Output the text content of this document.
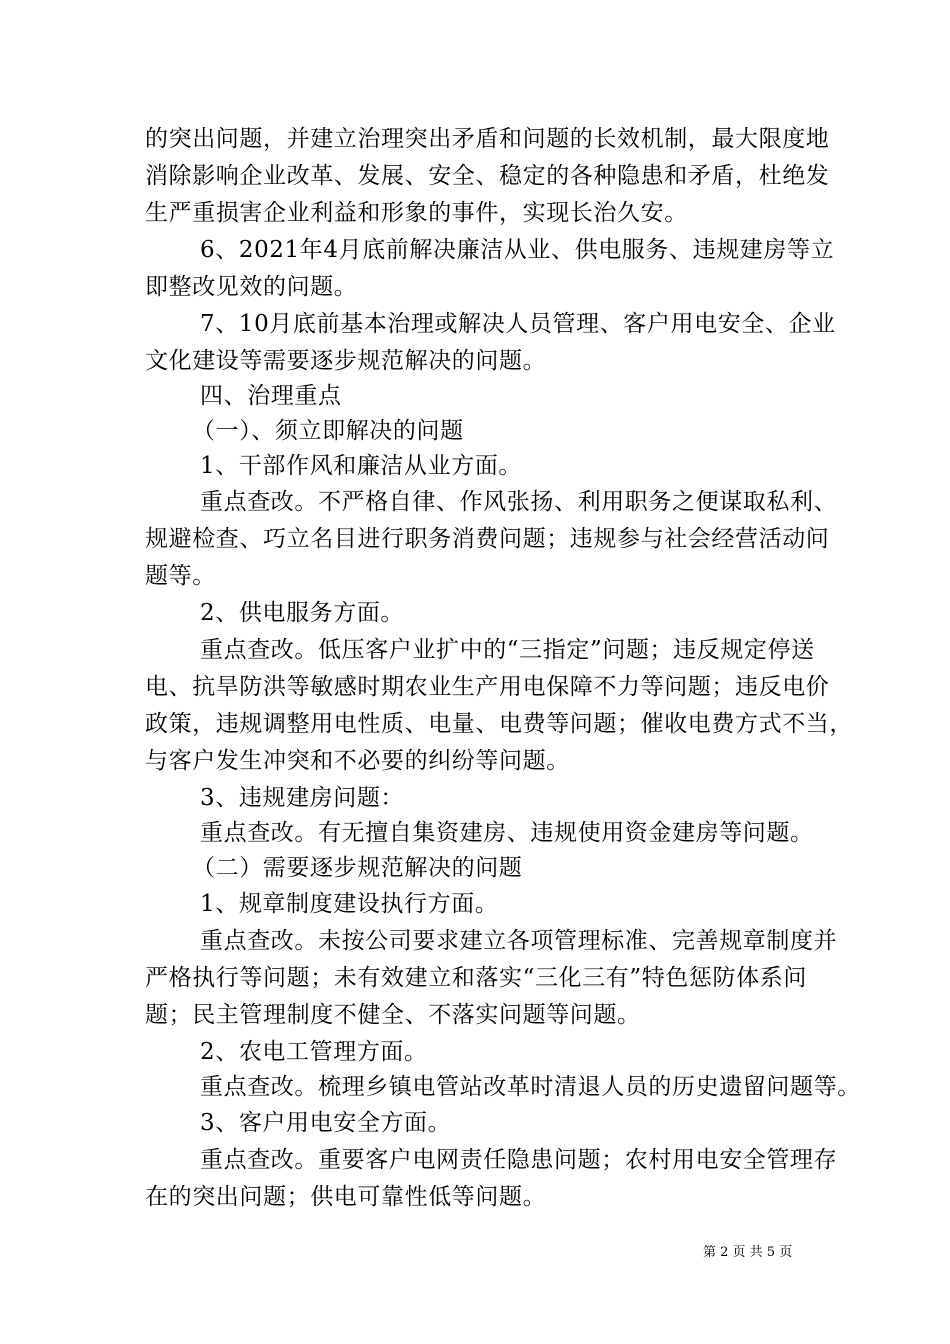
的突出问题，并建立治理突出矛盾和问题的长效机制，最大限度地
消除影响企业改革、发展、安全、稳定的各种隐患和矛盾，杜绝发
生严重损害企业利益和形象的事件，实现长治久安。
6、2021年4月底前解决廉洁从业、供电服务、违规建房等立
即整改见效的问题。
7、10月底前基本治理或解决人员管理、客户用电安全、企业
文化建设等需要逐步规范解决的问题。
四、治理重点
（一）、须立即解决的问题
1、干部作风和廉洁从业方面。
重点查改。不严格自律、作风张扬、利用职务之便谋取私利、
规避检查、巧立名目进行职务消费问题；违规参与社会经营活动问
题等。
2、供电服务方面。
重点查改。低压客户业扩中的“三指定”问题；违反规定停送
电、抗旱防洪等敏感时期农业生产用电保障不力等问题；违反电价
政策，违规调整用电性质、电量、电费等问题；催收电费方式不当，
与客户发生冲突和不必要的纠纷等问题。
3、违规建房问题：
重点查改。有无擅自集资建房、违规使用资金建房等问题。
（二）需要逐步规范解决的问题
1、规章制度建设执行方面。
重点查改。未按公司要求建立各项管理标准、完善规章制度并
严格执行等问题；未有效建立和落实“三化三有”特色惩防体系问
题；民主管理制度不健全、不落实问题等问题。
2、农电工管理方面。
重点查改。梳理乡镇电管站改革时清退人员的历史遗留问题等。
3、客户用电安全方面。
重点查改。重要客户电网责任隐患问题；农村用电安全管理存
在的突出问题；供电可靠性低等问题。
第 2 页 共 5 页
